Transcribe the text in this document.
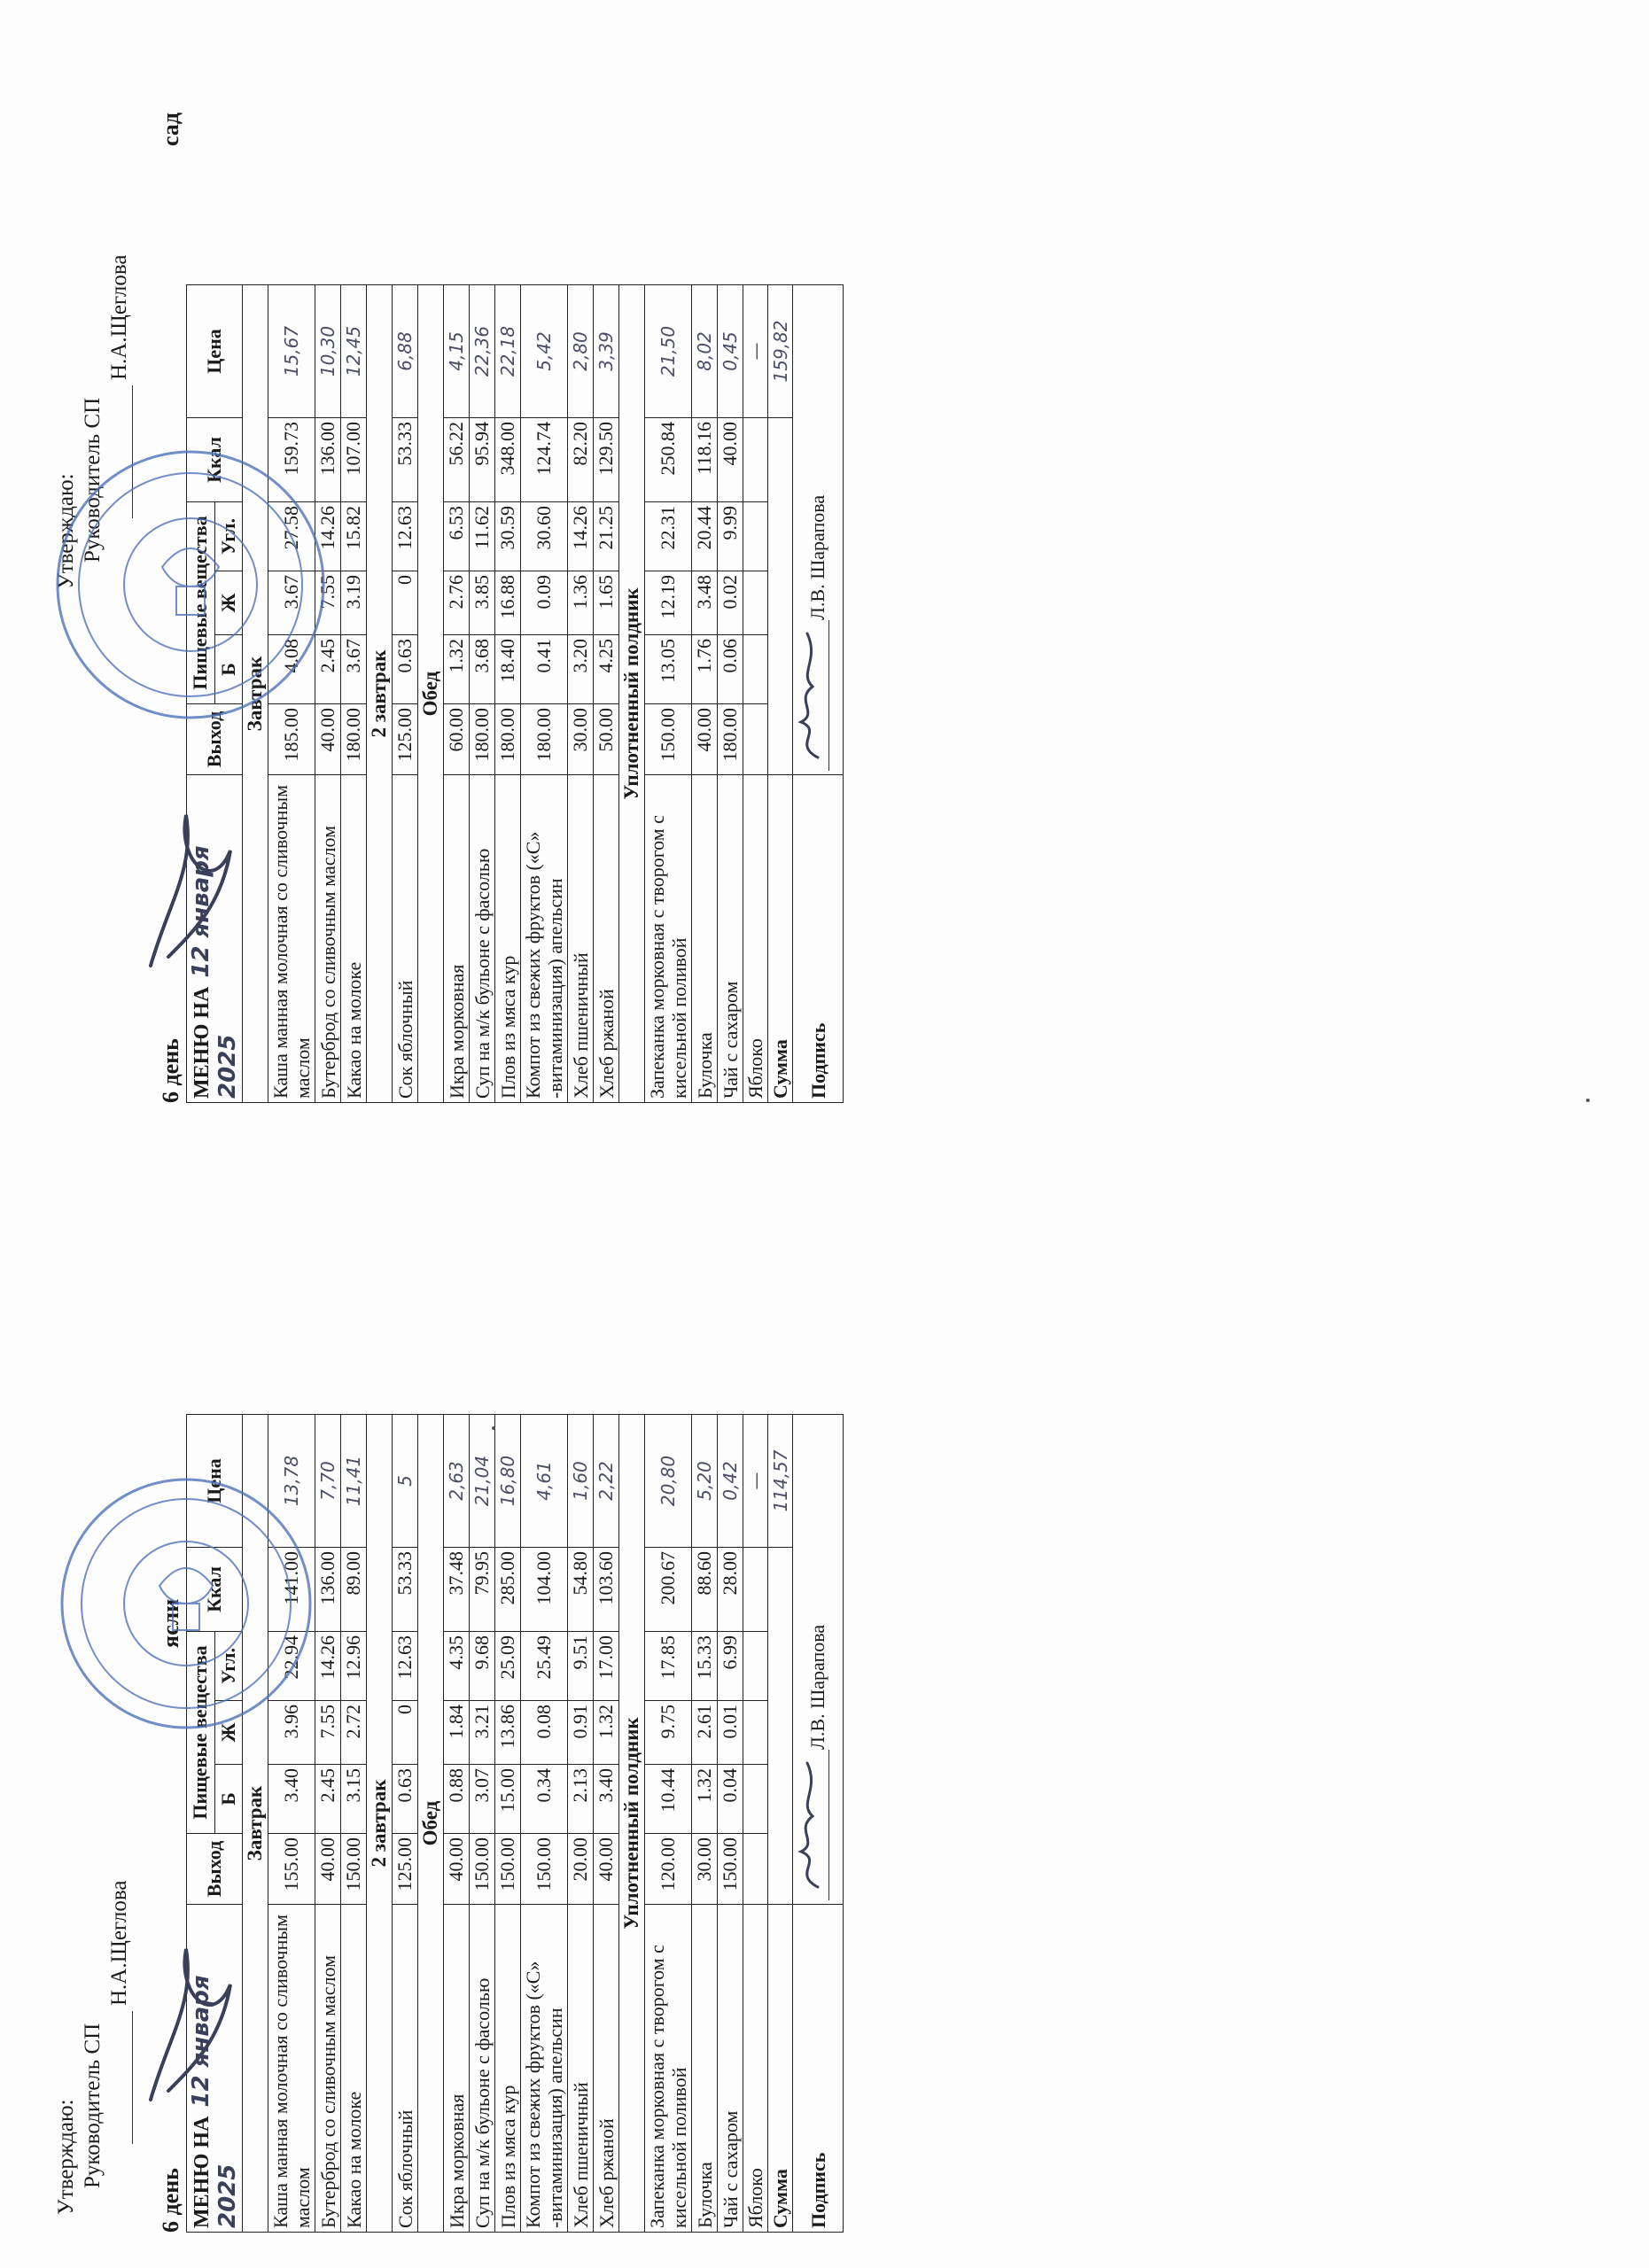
Утверждаю: Руководитель СП
Н.А.Щеглова
6 день
ясли
МЕНЮ НА12 января 2025	Выход	Пищевые вещества			Ккал	Цена
		Б	Ж	Угл.		
Завтрак						
Каша манная молочная со сливочным маслом	155.00	3.40	3.96	22.94	141.00	13,78
Бутерброд со сливочным маслом	40.00	2.45	7.55	14.26	136.00	7,70
Какао на молоке	150.00	3.15	2.72	12.96	89.00	11,41
2 завтрак						
Сок яблочный	125.00	0.63	0	12.63	53.33	5
Обед						
Икра морковная	40.00	0.88	1.84	4.35	37.48	2,63
Суп на м/к бульоне с фасолью	150.00	3.07	3.21	9.68	79.95	21,04
Плов из мяса кур	150.00	15.00	13.86	25.09	285.00	16,80
Компот из свежих фруктов («С» -витаминизация) апельсин	150.00	0.34	0.08	25.49	104.00	4,61
Хлеб пшеничный	20.00	2.13	0.91	9.51	54.80	1,60
Хлеб ржаной	40.00	3.40	1.32	17.00	103.60	2,22
Уплотненный полдник						
Запеканка морковная с творогом с кисельной поливой	120.00	10.44	9.75	17.85	200.67	20,80
Булочка	30.00	1.32	2.61	15.33	88.60	5,20
Чай с сахаром	150.00	0.04	0.01	6.99	28.00	0,42
Яблоко						—
Сумма						114,57
Подпись	Л.В. Шарапова					
Утверждаю: Руководитель СП
Н.А.Щеглова
6 день
сад
МЕНЮ НА12 января 2025	Выход	Пищевые вещества			Ккал	Цена
		Б	Ж	Угл.		
Завтрак						
Каша манная молочная со сливочным маслом	185.00	4.08	3.67	27.58	159.73	15,67
Бутерброд со сливочным маслом	40.00	2.45	7.55	14.26	136.00	10,30
Какао на молоке	180.00	3.67	3.19	15.82	107.00	12,45
2 завтрак						
Сок яблочный	125.00	0.63	0	12.63	53.33	6,88
Обед						
Икра морковная	60.00	1.32	2.76	6.53	56.22	4,15
Суп на м/к бульоне с фасолью	180.00	3.68	3.85	11.62	95.94	22,36
Плов из мяса кур	180.00	18.40	16.88	30.59	348.00	22,18
Компот из свежих фруктов («С» -витаминизация) апельсин	180.00	0.41	0.09	30.60	124.74	5,42
Хлеб пшеничный	30.00	3.20	1.36	14.26	82.20	2,80
Хлеб ржаной	50.00	4.25	1.65	21.25	129.50	3,39
Уплотненный полдник						
Запеканка морковная с творогом с кисельной поливой	150.00	13.05	12.19	22.31	250.84	21,50
Булочка	40.00	1.76	3.48	20.44	118.16	8,02
Чай с сахаром	180.00	0.06	0.02	9.99	40.00	0,45
Яблоко						—
Сумма						159,82
Подпись	Л.В. Шарапова					
